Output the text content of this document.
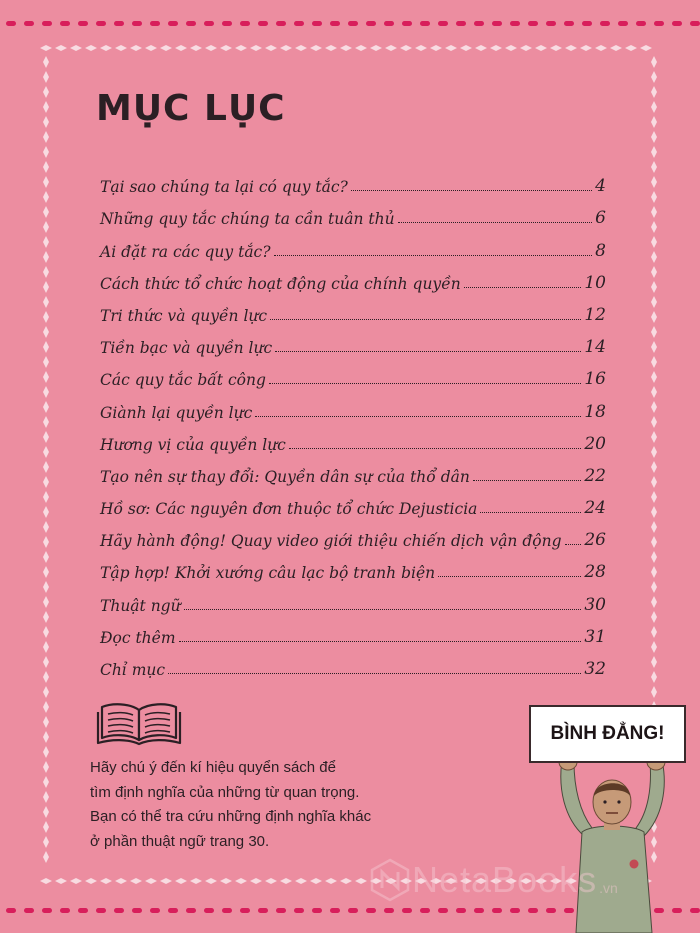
MỤC LỤC
Tại sao chúng ta lại có quy tắc?	4
Những quy tắc chúng ta cần tuân thủ	6
Ai đặt ra các quy tắc?	8
Cách thức tổ chức hoạt động của chính quyền	10
Tri thức và quyền lực	12
Tiền bạc và quyền lực	14
Các quy tắc bất công	16
Giành lại quyền lực	18
Hương vị của quyền lực	20
Tạo nên sự thay đổi: Quyền dân sự của thổ dân	22
Hồ sơ: Các nguyên đơn thuộc tổ chức Dejusticia	24
Hãy hành động! Quay video giới thiệu chiến dịch vận động 26
Tập hợp! Khởi xướng câu lạc bộ tranh biện	28
Thuật ngữ	30
Đọc thêm	31
Chỉ mục	32

Hãy chú ý đến kí hiệu quyển sách để
tìm định nghĩa của những từ quan trọng.
Bạn có thể tra cứu những định nghĩa khác
ở phần thuật ngữ trang 30.

BÌNH ĐẲNG!
NetaBooks .vn
